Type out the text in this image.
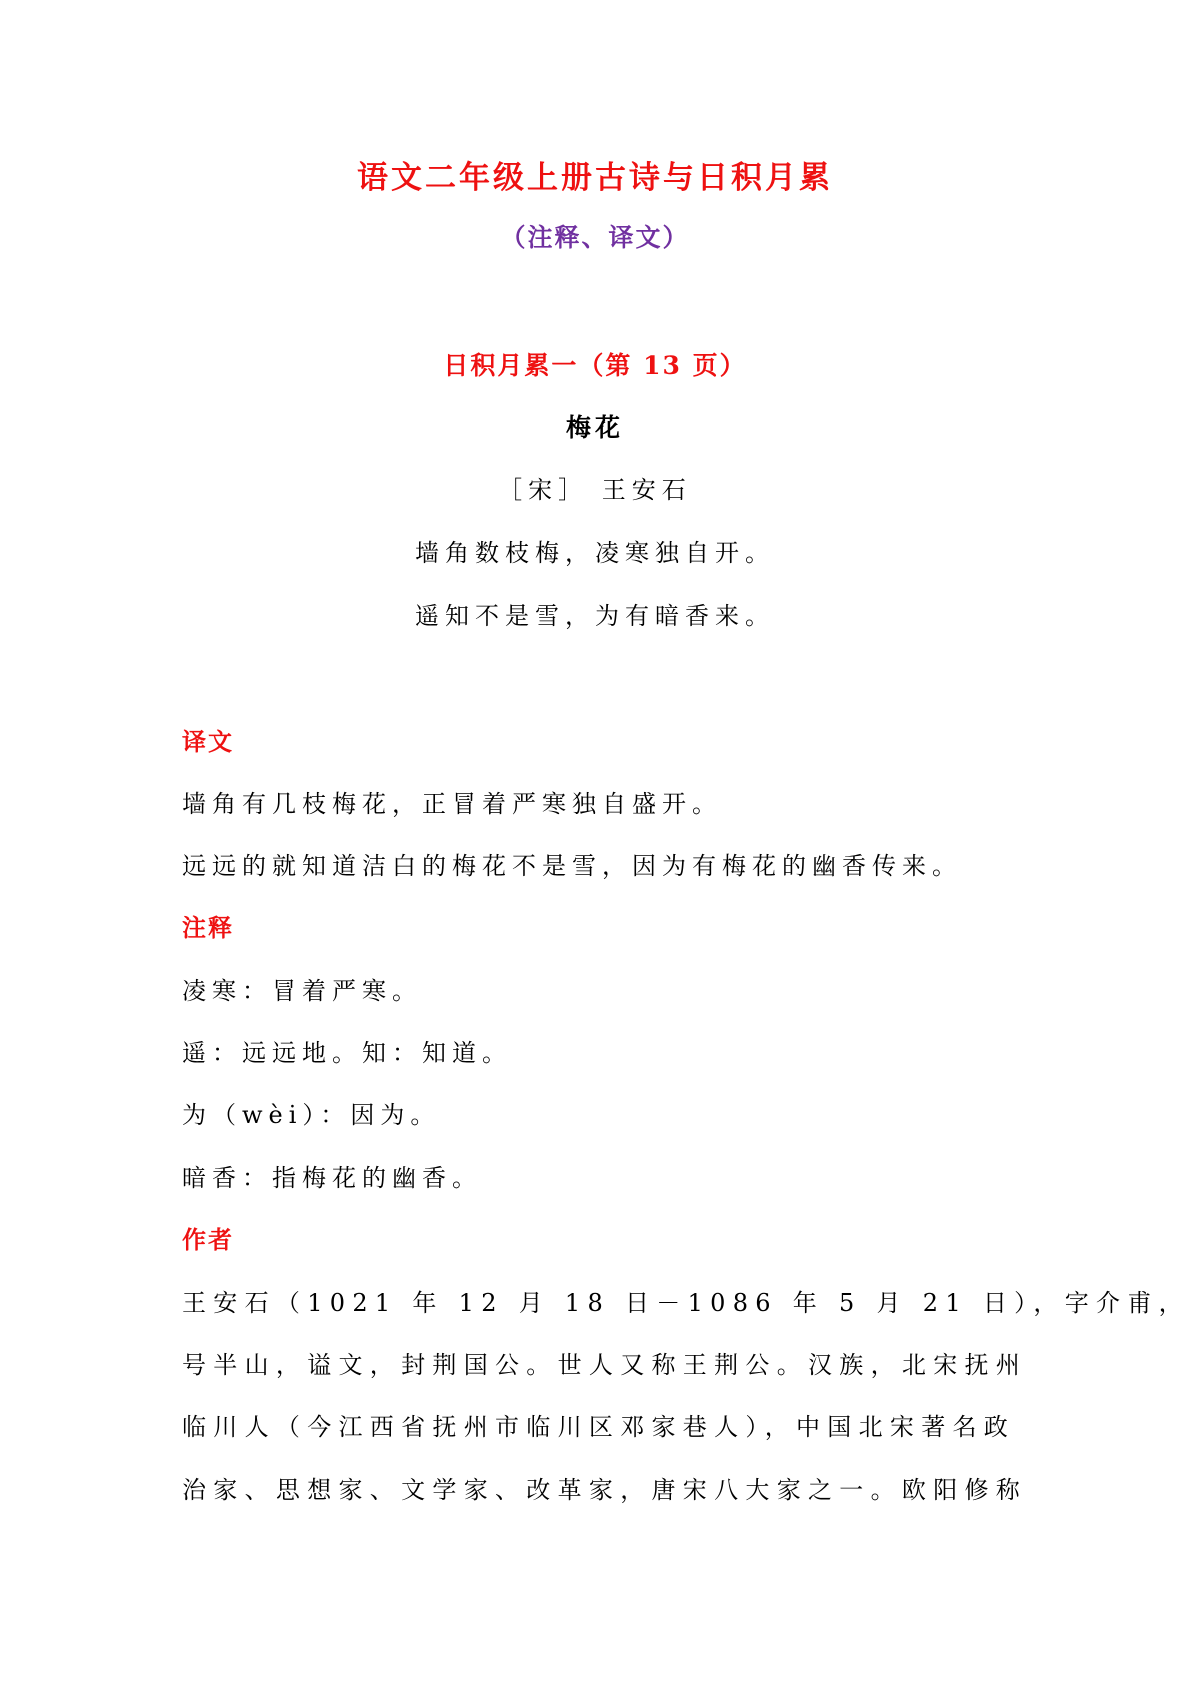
语文二年级上册古诗与日积月累
（注释、译文）
日积月累一（第 13 页）
梅花
［宋］ 王安石
墙角数枝梅，凌寒独自开。
遥知不是雪，为有暗香来。
译文
墙角有几枝梅花，正冒着严寒独自盛开。
远远的就知道洁白的梅花不是雪，因为有梅花的幽香传来。
注释
凌寒：冒着严寒。
遥：远远地。知：知道。
为（wèi）：因为。
暗香：指梅花的幽香。
作者
王安石（1021 年 12 月 18 日－1086 年 5 月 21 日），字介甫，
号半山，谥文，封荆国公。世人又称王荆公。汉族，北宋抚州
临川人（今江西省抚州市临川区邓家巷人），中国北宋著名政
治家、思想家、文学家、改革家，唐宋八大家之一。欧阳修称
